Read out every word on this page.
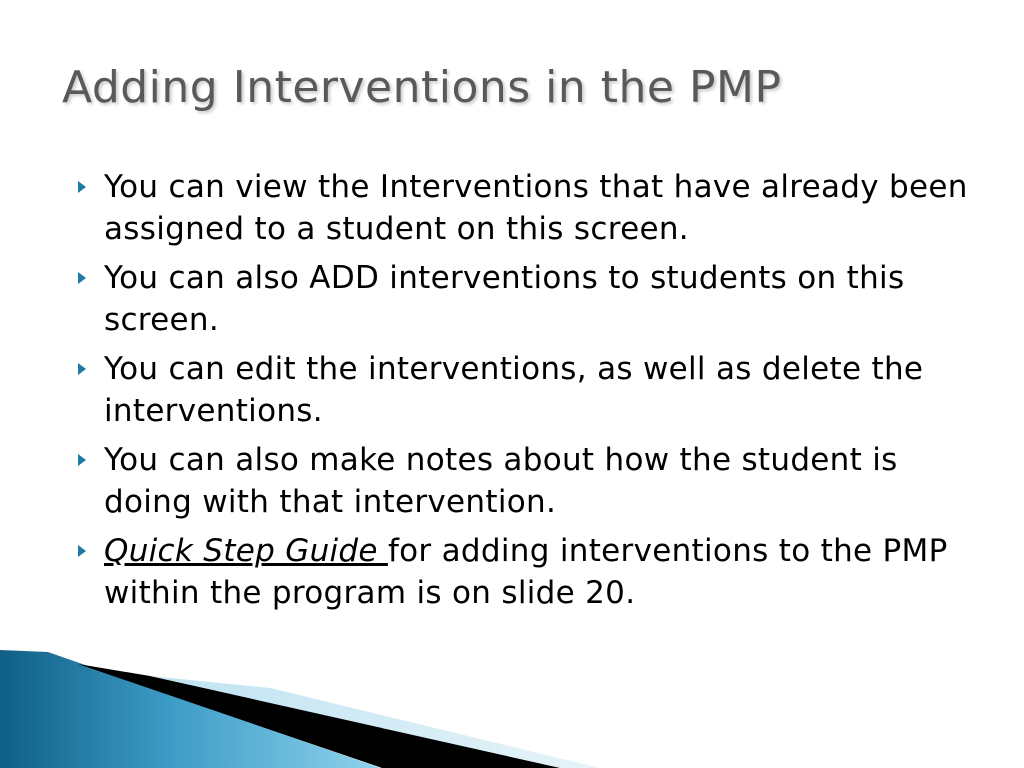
Adding Interventions in the PMP
You can view the Interventions that have already been assigned to a student on this screen.
You can also ADD interventions to students on this screen.
You can edit the interventions, as well as delete the interventions.
You can also make notes about how the student is doing with that intervention.
Quick Step Guide for adding interventions to the PMP within the program is on slide 20.
